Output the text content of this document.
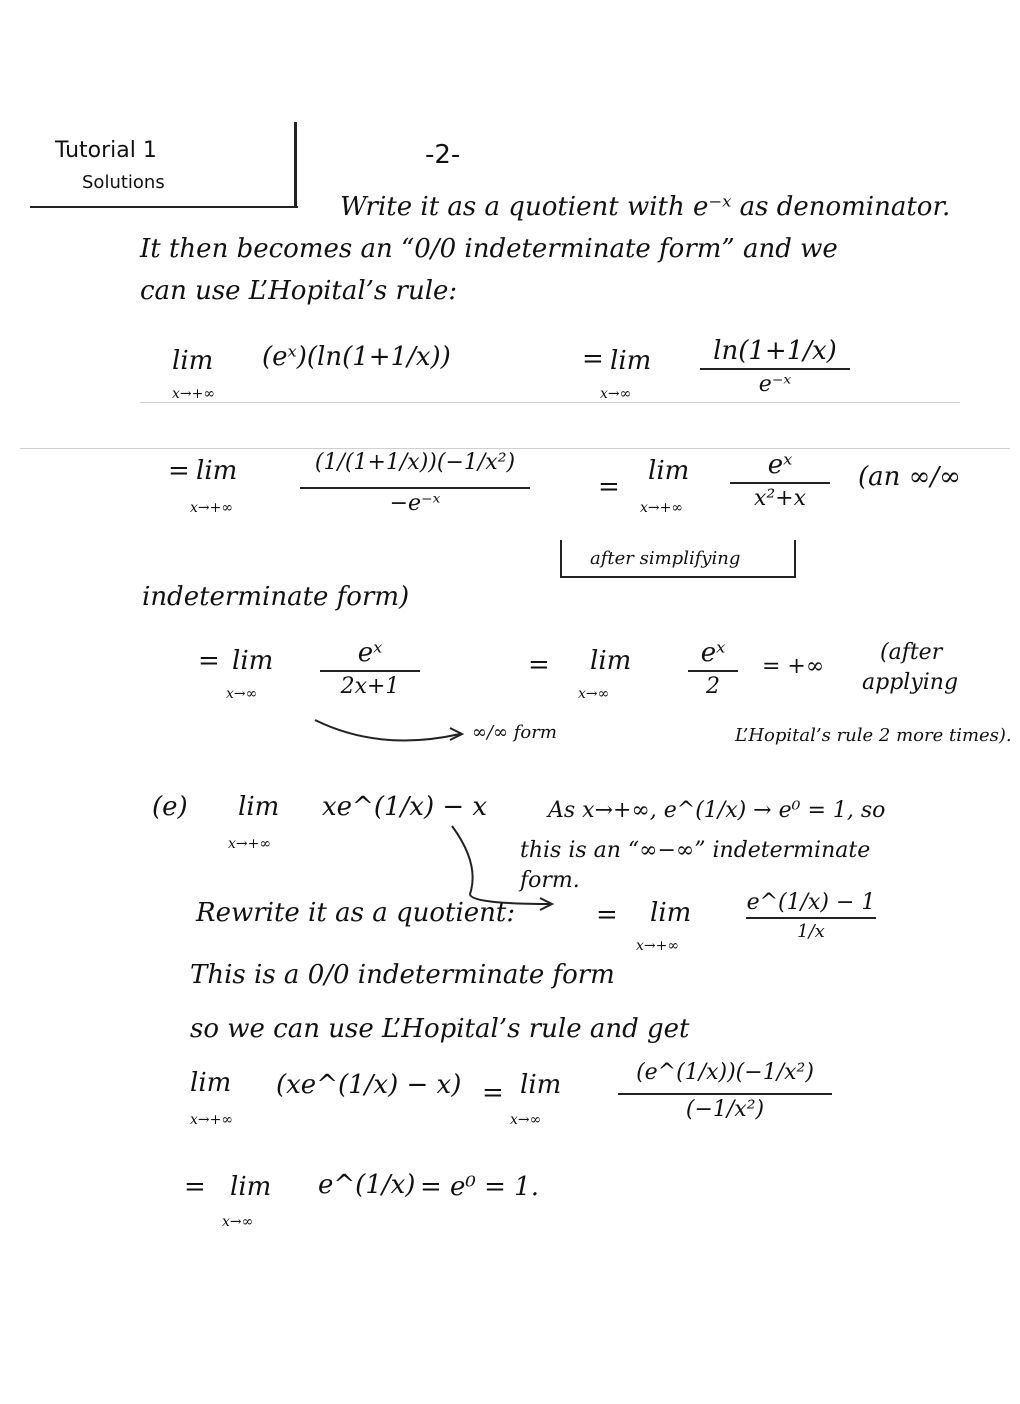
Tutorial 1
Solutions
-2-
Write it as a quotient with e⁻ˣ as denominator.
It then becomes an “0/0 indeterminate form” and we
can use L’Hopital’s rule:
lim
x→+∞
(eˣ)(ln(1+1/x))	= lim
x→∞
ln(1+1/x)
e⁻ˣ
= lim
x→+∞
(1/(1+1/x))(−1/x²)
−e⁻ˣ
=
lim
x→+∞
eˣ
x²+x
(an ∞/∞
after simplifying
indeterminate form)
= lim
x→∞
eˣ
2x+1
= lim
x→∞
eˣ
2
= +∞
(after
applying
L’Hopital’s rule 2 more times).
∞/∞ form
(e) lim
x→+∞
xe^(1/x) − x	As x→+∞, e^(1/x) → e⁰ = 1, so
this is an “∞−∞” indeterminate
form.
Rewrite it as a quotient:	= lim
x→+∞
e^(1/x) − 1
1/x
This is a 0/0 indeterminate form
so we can use L’Hopital’s rule and get
lim
x→+∞
(xe^(1/x) − x) = lim
x→∞
(e^(1/x))(−1/x²)
(−1/x²)
= lim
x→∞
e^(1/x) = e⁰ = 1.
